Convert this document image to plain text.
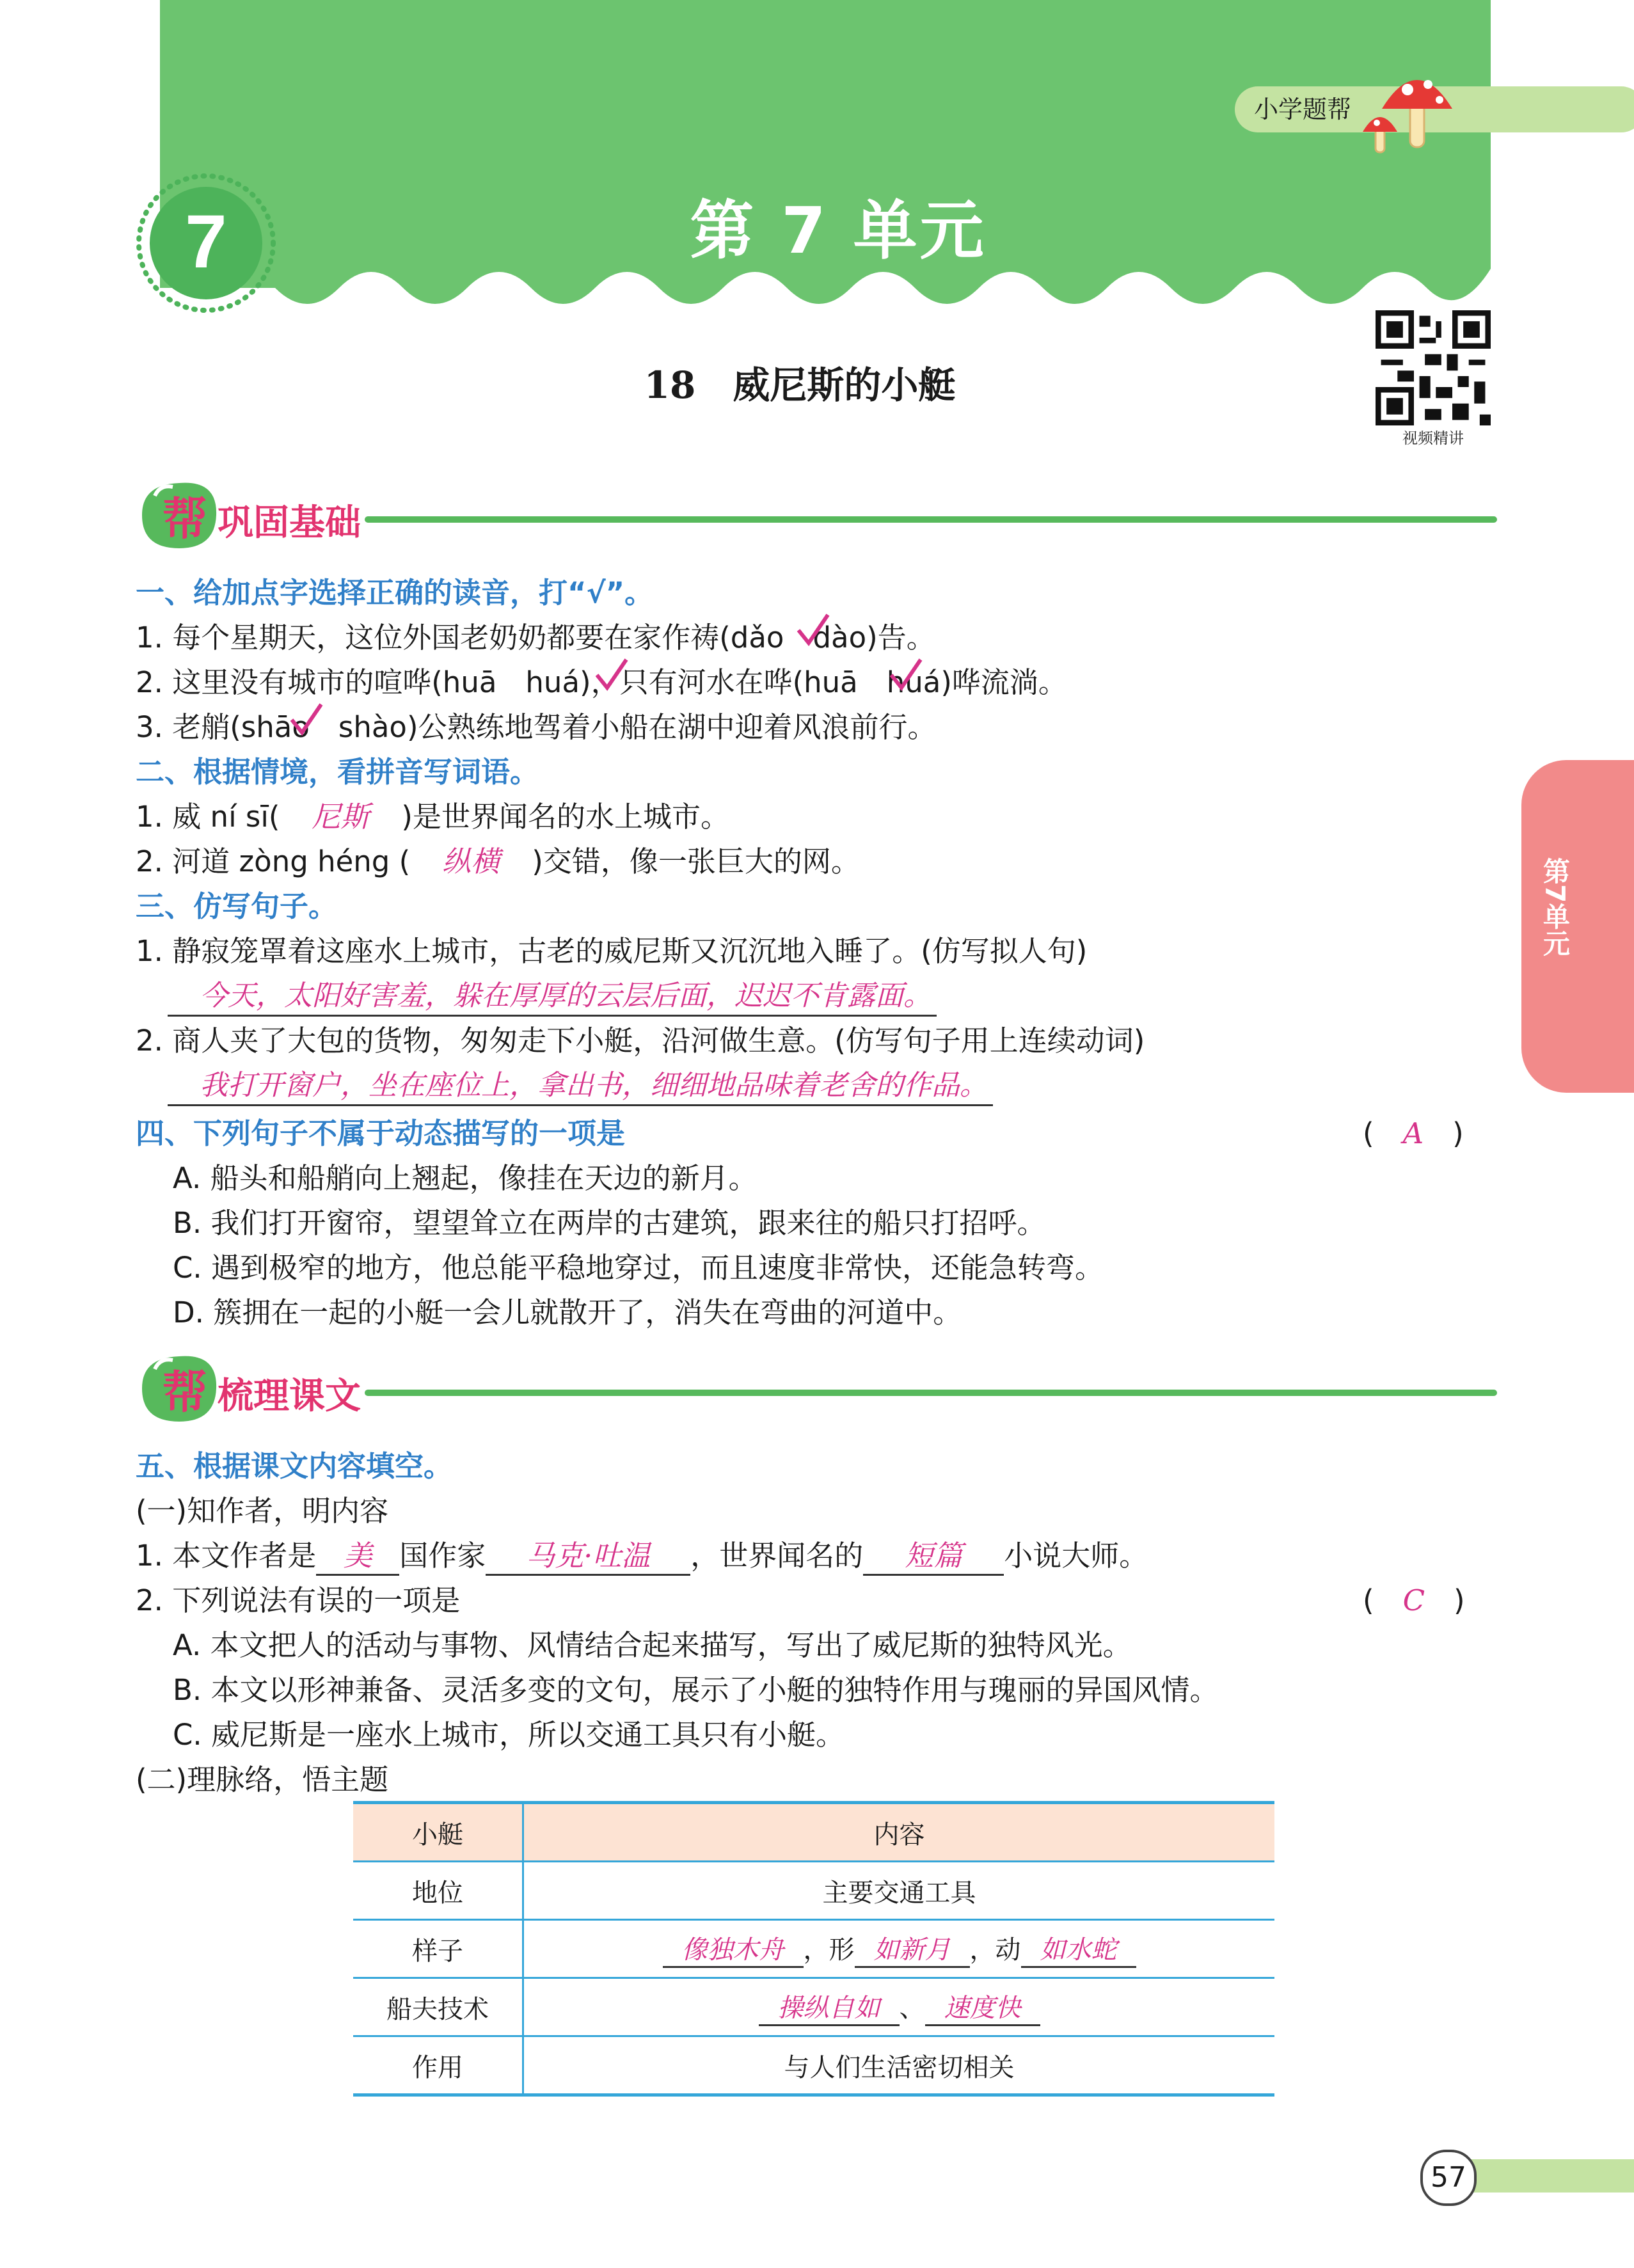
7	第 7 单元
小学题帮
18　威尼斯的小艇
视频精讲
第7单元
帮 巩固基础
一、给加点字选择正确的读音，打“√”。
1. 每个星期天，这位外国老奶奶都要在家作祷(dǎo　dào)告。
2. 这里没有城市的喧哗(huā　huá)，只有河水在哗(huā　huá)哗流淌。
3. 老艄(shāo　shào)公熟练地驾着小船在湖中迎着风浪前行。
二、根据情境，看拼音写词语。
1. 威 ní sī( 尼斯 )是世界闻名的水上城市。
2. 河道 zòng héng ( 纵横 )交错，像一张巨大的网。
三、仿写句子。
1. 静寂笼罩着这座水上城市，古老的威尼斯又沉沉地入睡了。(仿写拟人句)
今天，太阳好害羞，躲在厚厚的云层后面，迟迟不肯露面。
2. 商人夹了大包的货物，匆匆走下小艇，沿河做生意。(仿写句子用上连续动词)
我打开窗户，坐在座位上，拿出书，细细地品味着老舍的作品。
四、下列句子不属于动态描写的一项是	(　A　)
A. 船头和船艄向上翘起，像挂在天边的新月。
B. 我们打开窗帘，望望耸立在两岸的古建筑，跟来往的船只打招呼。
C. 遇到极窄的地方，他总能平稳地穿过，而且速度非常快，还能急转弯。
D. 簇拥在一起的小艇一会儿就散开了，消失在弯曲的河道中。
帮 梳理课文
五、根据课文内容填空。
(一)知作者，明内容
1. 本文作者是 美 国作家 马克·吐温 ，世界闻名的 短篇 小说大师。
2. 下列说法有误的一项是	(　C　)
A. 本文把人的活动与事物、风情结合起来描写，写出了威尼斯的独特风光。
B. 本文以形神兼备、灵活多变的文句，展示了小艇的独特作用与瑰丽的异国风情。
C. 威尼斯是一座水上城市，所以交通工具只有小艇。
(二)理脉络，悟主题
小艇	内容
地位	主要交通工具
样子	像独木舟 ，形 如新月 ，动 如水蛇
船夫技术	操纵自如 、 速度快
作用	与人们生活密切相关
57
